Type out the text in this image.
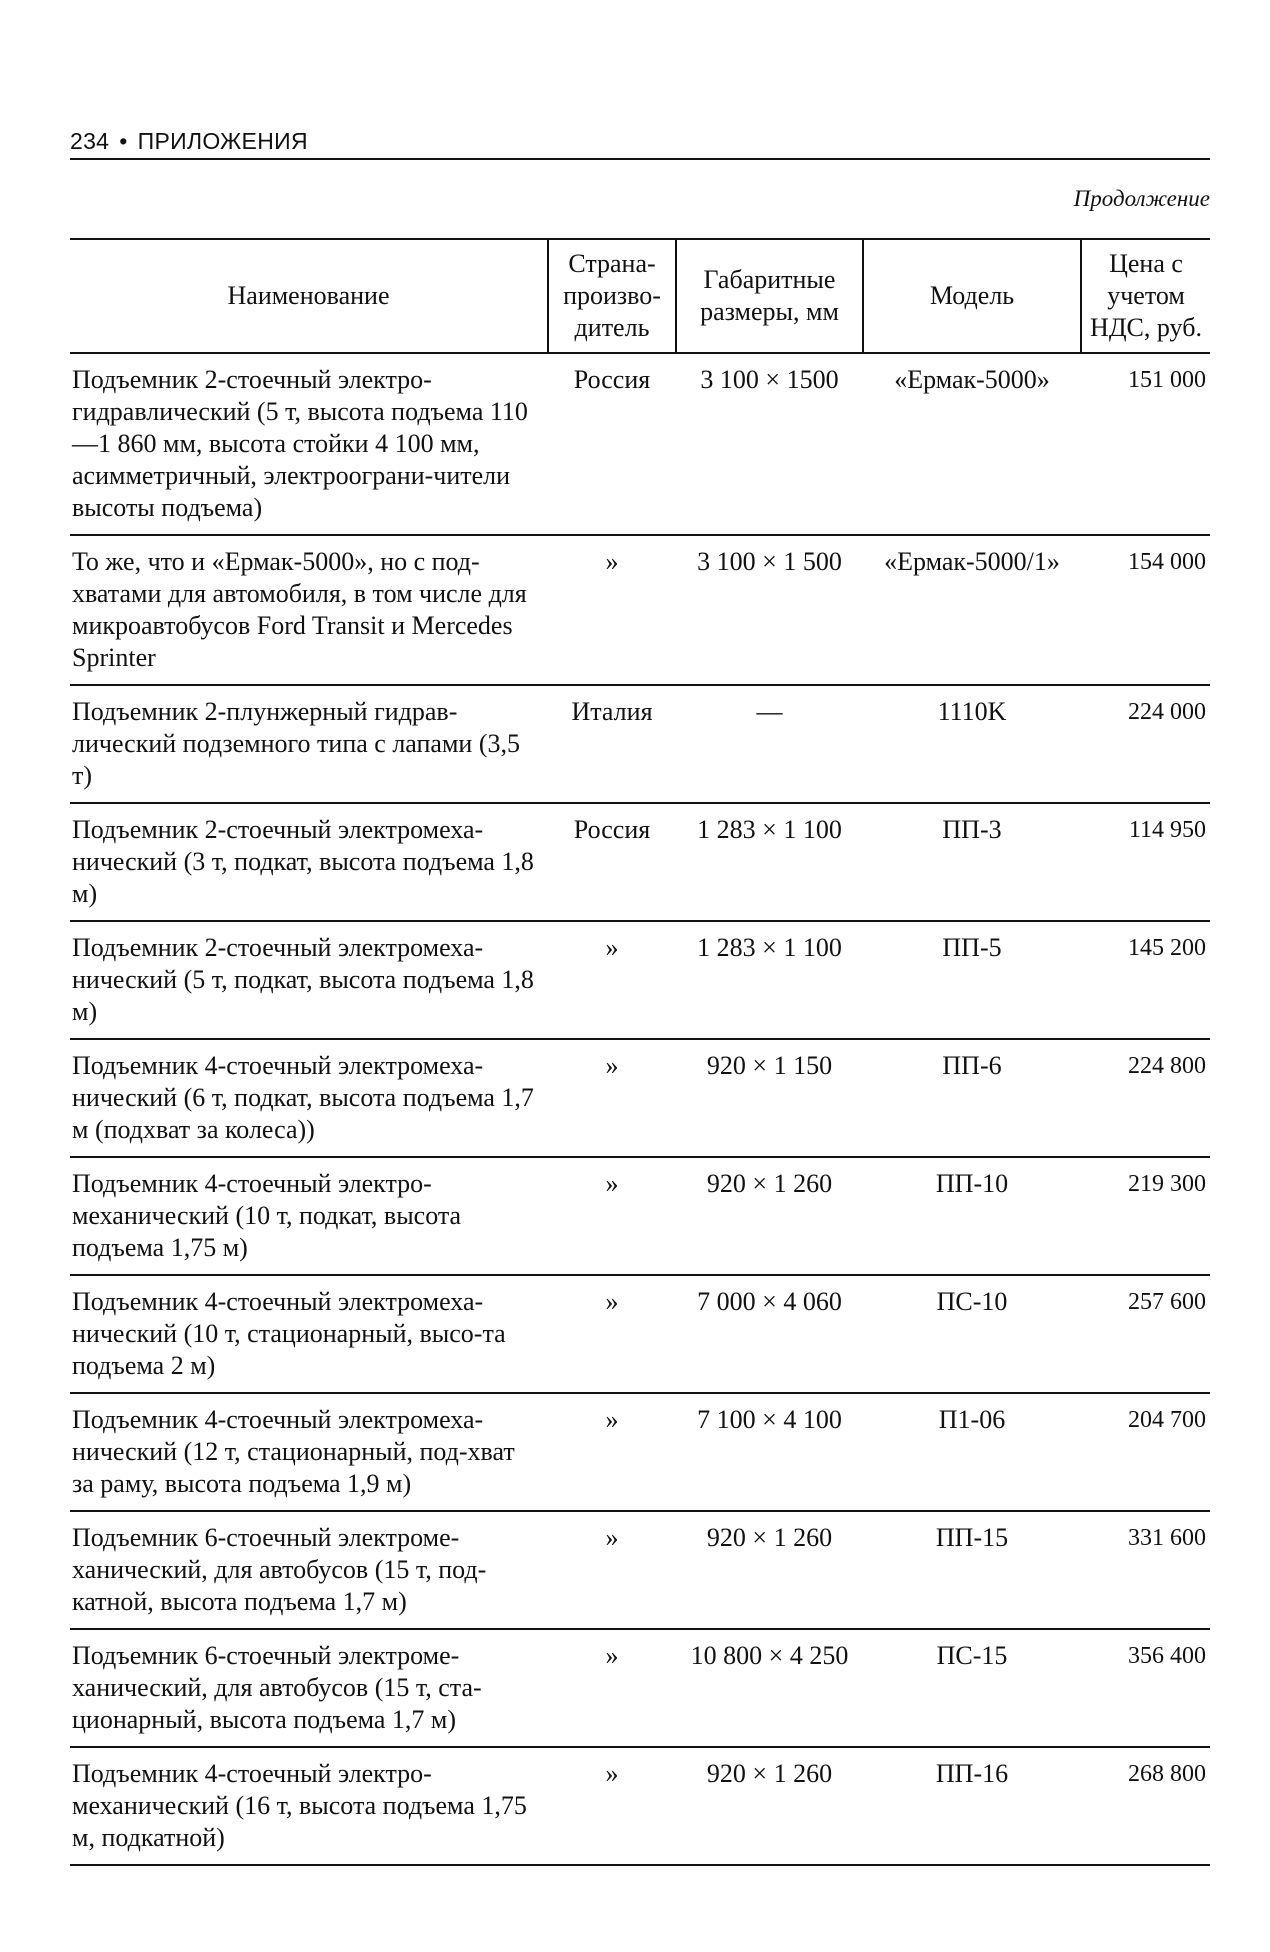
234 • ПРИЛОЖЕНИЯ
Продолжение
Наименование	Страна-произво-дитель	Габаритные размеры, мм	Модель	Цена с учетом НДС, руб.
Подъемник 2-стоечный электро-гидравлический (5 т, высота подъема 110—1 860 мм, высота стойки 4 100 мм, асимметричный, электроограни-чители высоты подъема)	Россия	3 100 × 1500	«Ермак-5000»	151 000
То же, что и «Ермак-5000», но с под-хватами для автомобиля, в том числе для микроавтобусов Ford Transit и Mercedes Sprinter	»	3 100 × 1 500	«Ермак-5000/1»	154 000
Подъемник 2-плунжерный гидрав-лический подземного типа с лапами (3,5 т)	Италия	—	1110K	224 000
Подъемник 2-стоечный электромеха-нический (3 т, подкат, высота подъема 1,8 м)	Россия	1 283 × 1 100	ПП-3	114 950
Подъемник 2-стоечный электромеха-нический (5 т, подкат, высота подъема 1,8 м)	»	1 283 × 1 100	ПП-5	145 200
Подъемник 4-стоечный электромеха-нический (6 т, подкат, высота подъема 1,7 м (подхват за колеса))	»	920 × 1 150	ПП-6	224 800
Подъемник 4-стоечный электро-механический (10 т, подкат, высота подъема 1,75 м)	»	920 × 1 260	ПП-10	219 300
Подъемник 4-стоечный электромеха-нический (10 т, стационарный, высо-та подъема 2 м)	»	7 000 × 4 060	ПС-10	257 600
Подъемник 4-стоечный электромеха-нический (12 т, стационарный, под-хват за раму, высота подъема 1,9 м)	»	7 100 × 4 100	П1-06	204 700
Подъемник 6-стоечный электроме-ханический, для автобусов (15 т, под-катной, высота подъема 1,7 м)	»	920 × 1 260	ПП-15	331 600
Подъемник 6-стоечный электроме-ханический, для автобусов (15 т, ста-ционарный, высота подъема 1,7 м)	»	10 800 × 4 250	ПС-15	356 400
Подъемник 4-стоечный электро-механический (16 т, высота подъема 1,75 м, подкатной)	»	920 × 1 260	ПП-16	268 800
